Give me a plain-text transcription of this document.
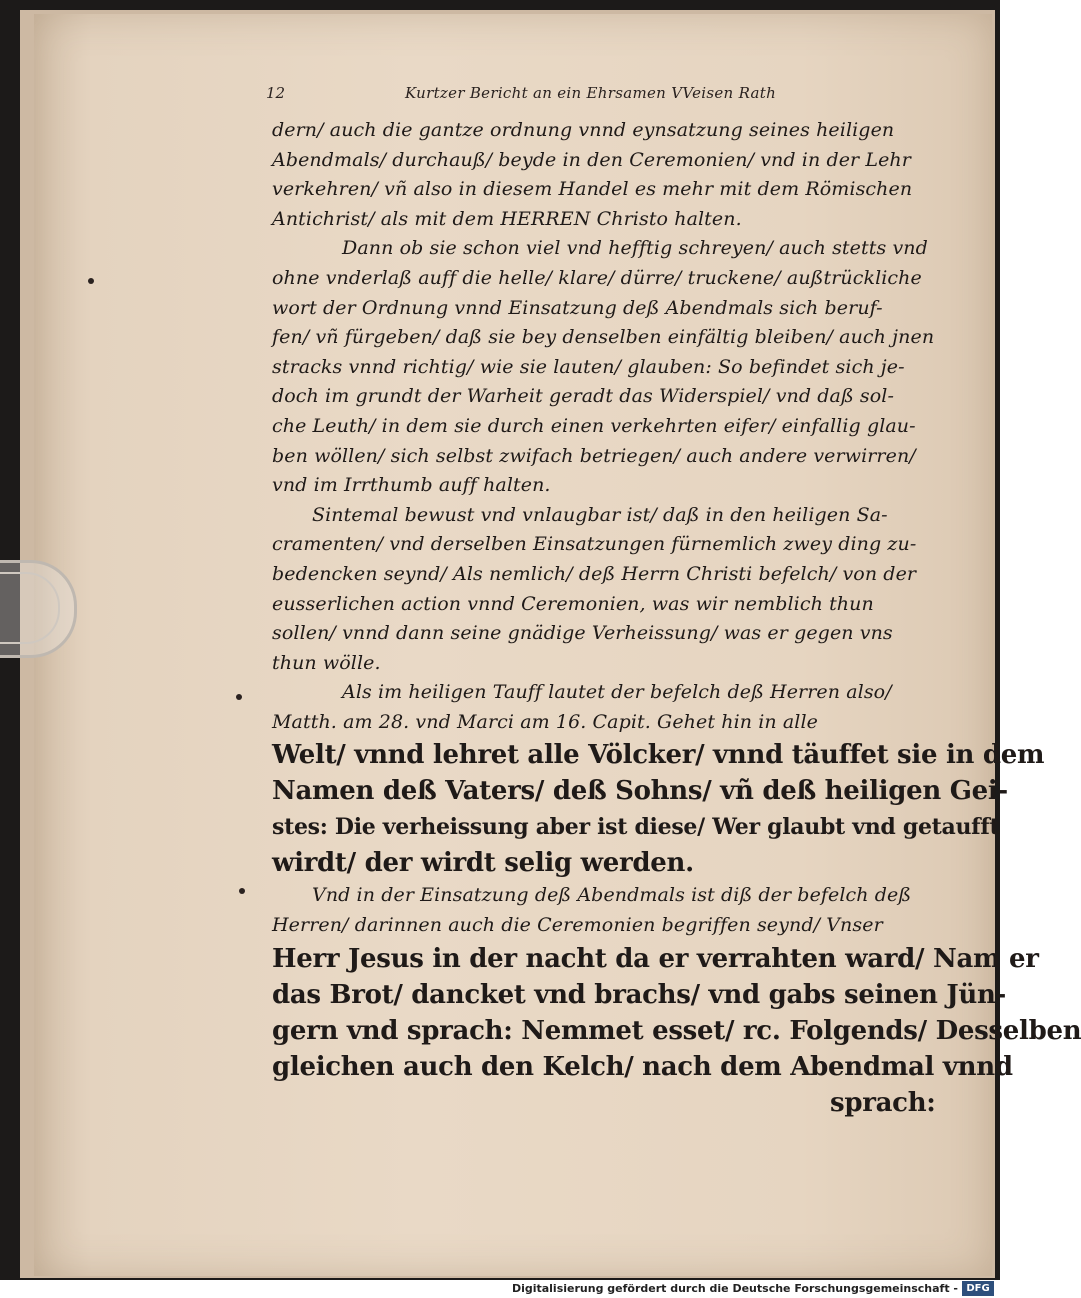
12	Kurtzer Bericht an ein Ehrsamen VVeisen Rath
dern/ auch die gantze ordnung vnnd eynsatzung seines heiligen
Abendmals/ durchauß/ beyde in den Ceremonien/ vnd in der Lehr
verkehren/ vñ also in diesem Handel es mehr mit dem Römischen
Antichrist/ als mit dem HERREN Christo halten.
Dann ob sie schon viel vnd hefftig schreyen/ auch stetts vnd
ohne vnderlaß auff die helle/ klare/ dürre/ truckene/ außtrückliche
wort der Ordnung vnnd Einsatzung deß Abendmals sich beruf-
fen/ vñ fürgeben/ daß sie bey denselben einfältig bleiben/ auch jnen
stracks vnnd richtig/ wie sie lauten/ glauben: So befindet sich je-
doch im grundt der Warheit geradt das Widerspiel/ vnd daß sol-
che Leuth/ in dem sie durch einen verkehrten eifer/ einfallig glau-
ben wöllen/ sich selbst zwifach betriegen/ auch andere verwirren/
vnd im Irrthumb auff halten.
Sintemal bewust vnd vnlaugbar ist/ daß in den heiligen Sa-
cramenten/ vnd derselben Einsatzungen fürnemlich zwey ding zu-
bedencken seynd/ Als nemlich/ deß Herrn Christi befelch/ von der
eusserlichen action vnnd Ceremonien, was wir nemblich thun
sollen/ vnnd dann seine gnädige Verheissung/ was er gegen vns
thun wölle.
Als im heiligen Tauff lautet der befelch deß Herren also/
Matth. am 28. vnd Marci am 16. Capit. Gehet hin in alle
Welt/ vnnd lehret alle Völcker/ vnnd täuffet sie in dem
Namen deß Vaters/ deß Sohns/ vñ deß heiligen Gei-
stes: Die verheissung aber ist diese/ Wer glaubt vnd getaufft
wirdt/ der wirdt selig werden.
Vnd in der Einsatzung deß Abendmals ist diß der befelch deß
Herren/ darinnen auch die Ceremonien begriffen seynd/ Vnser
Herr Jesus in der nacht da er verrahten ward/ Nam er
das Brot/ dancket vnd brachs/ vnd gabs seinen Jün-
gern vnd sprach: Nemmet esset/ rc. Folgends/ Desselben
gleichen auch den Kelch/ nach dem Abendmal vnnd
sprach:
Digitalisierung gefördert durch die Deutsche Forschungsgemeinschaft - DFG
